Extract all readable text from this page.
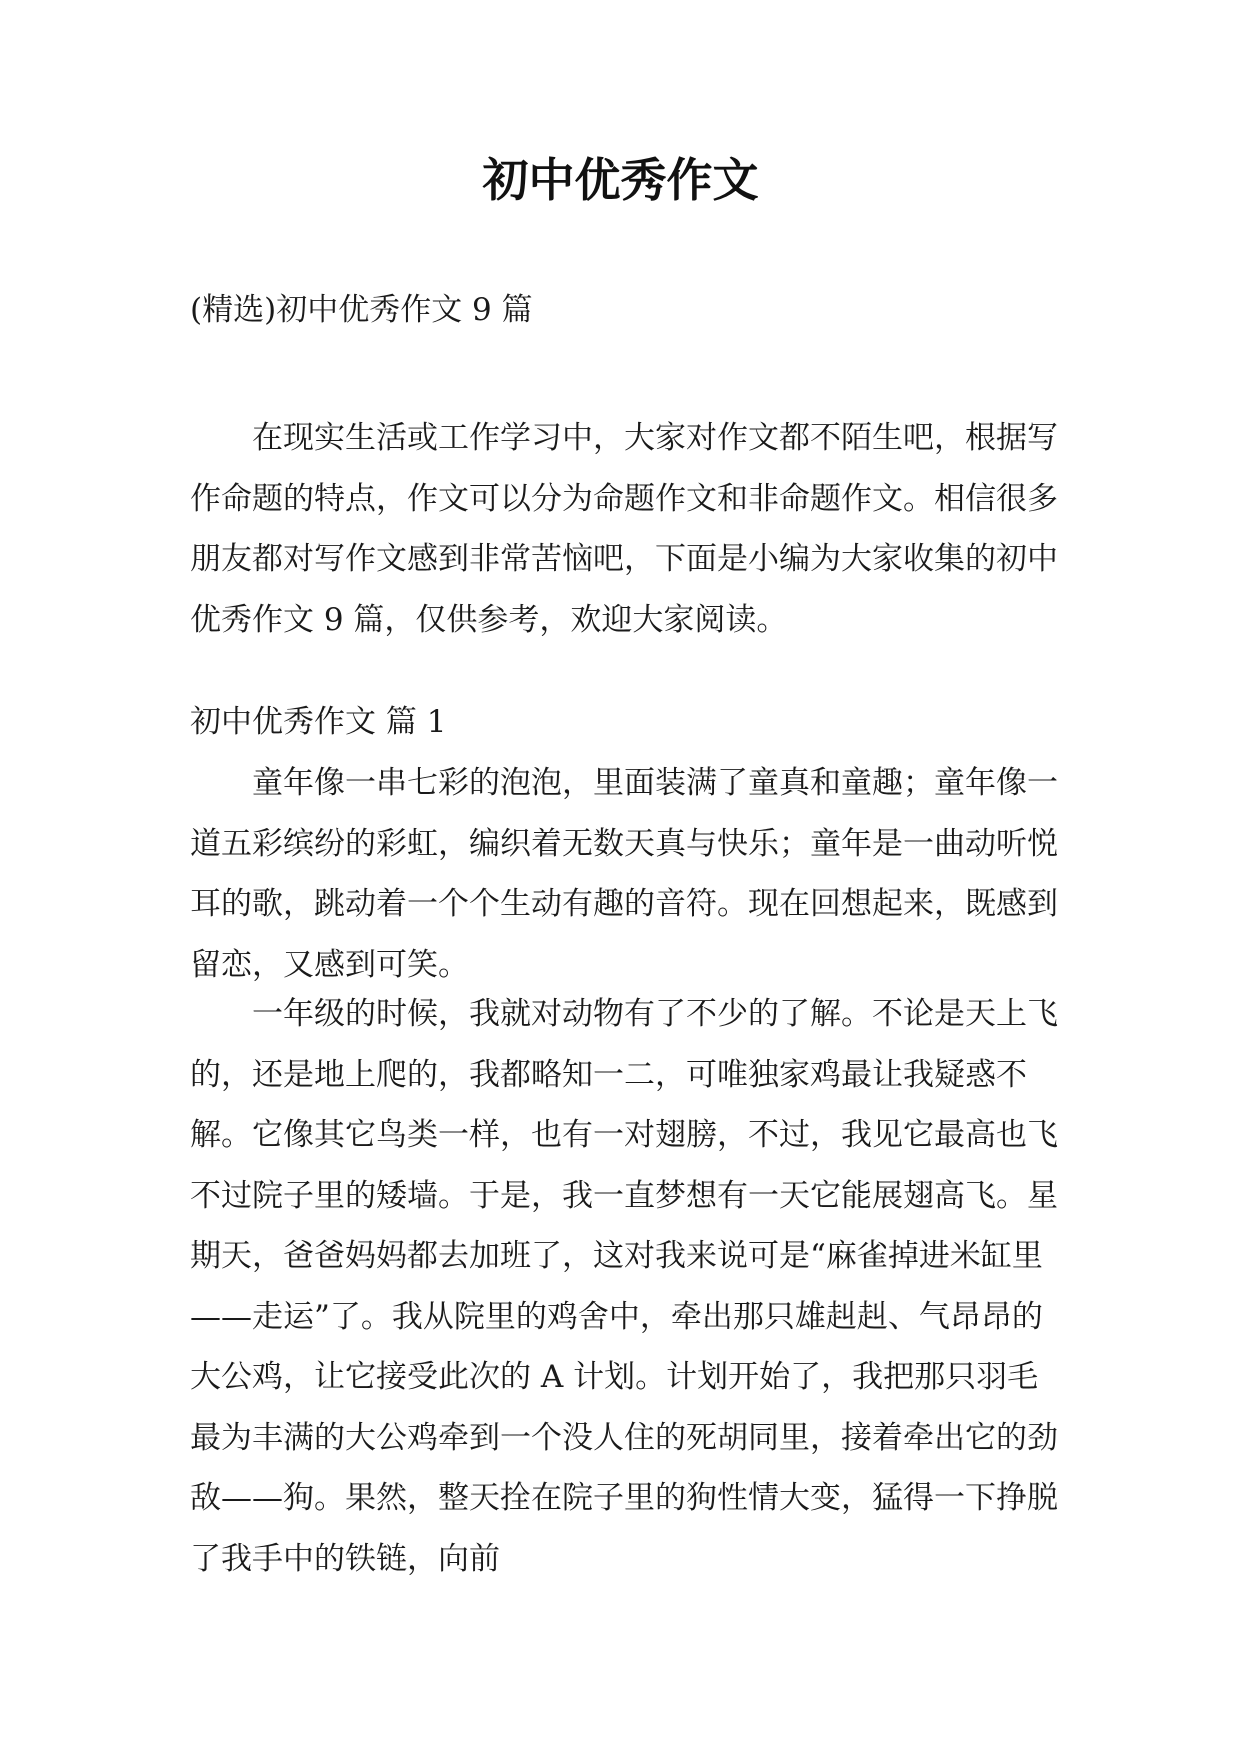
初中优秀作文

(精选)初中优秀作文 9 篇

在现实生活或工作学习中，大家对作文都不陌生吧，根据写作命题的特点，作文可以分为命题作文和非命题作文。相信很多朋友都对写作文感到非常苦恼吧，下面是小编为大家收集的初中优秀作文 9 篇，仅供参考，欢迎大家阅读。

初中优秀作文 篇 1

童年像一串七彩的泡泡，里面装满了童真和童趣；童年像一道五彩缤纷的彩虹，编织着无数天真与快乐；童年是一曲动听悦耳的歌，跳动着一个个生动有趣的音符。现在回想起来，既感到留恋，又感到可笑。

一年级的时候，我就对动物有了不少的了解。不论是天上飞的，还是地上爬的，我都略知一二，可唯独家鸡最让我疑惑不解。它像其它鸟类一样，也有一对翅膀，不过，我见它最高也飞不过院子里的矮墙。于是，我一直梦想有一天它能展翅高飞。星期天，爸爸妈妈都去加班了，这对我来说可是“麻雀掉进米缸里——走运”了。我从院里的鸡舍中，牵出那只雄赳赳、气昂昂的大公鸡，让它接受此次的 A 计划。计划开始了，我把那只羽毛最为丰满的大公鸡牵到一个没人住的死胡同里，接着牵出它的劲敌——狗。果然，整天拴在院子里的狗性情大变，猛得一下挣脱了我手中的铁链，向前
